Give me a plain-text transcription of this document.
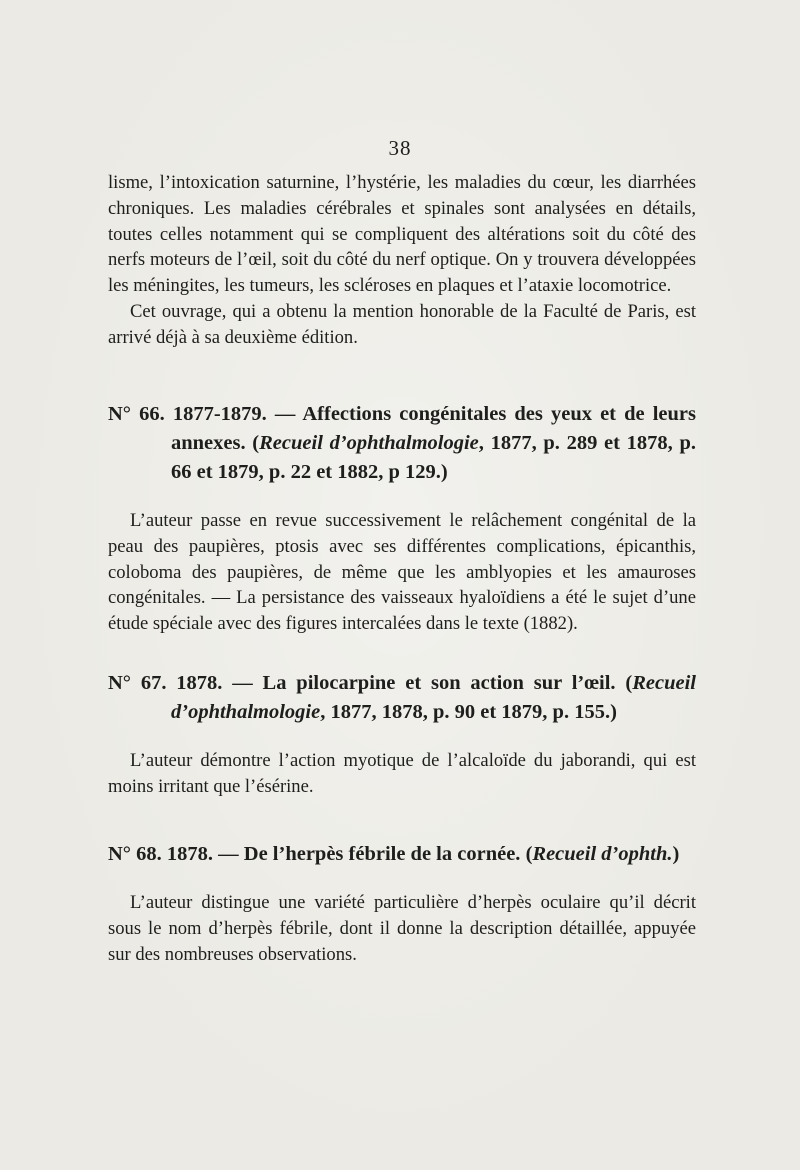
38

lisme, l’intoxication saturnine, l’hystérie, les maladies du cœur, les diarrhées chroniques. Les maladies cérébrales et spinales sont analysées en détails, toutes celles notamment qui se compliquent des altérations soit du côté des nerfs moteurs de l’œil, soit du côté du nerf optique. On y trouvera développées les méningites, les tumeurs, les scléroses en plaques et l’ataxie locomotrice.

Cet ouvrage, qui a obtenu la mention honorable de la Faculté de Paris, est arrivé déjà à sa deuxième édition.

N° 66. 1877-1879. — Affections congénitales des yeux et de leurs annexes. (Recueil d’ophthalmologie, 1877, p. 289 et 1878, p. 66 et 1879, p. 22 et 1882, p 129.)

L’auteur passe en revue successivement le relâchement congénital de la peau des paupières, ptosis avec ses différentes complications, épicanthis, coloboma des paupières, de même que les amblyopies et les amauroses congénitales. — La persistance des vaisseaux hyaloïdiens a été le sujet d’une étude spéciale avec des figures intercalées dans le texte (1882).

N° 67. 1878. — La pilocarpine et son action sur l’œil. (Recueil d’ophthalmologie, 1877, 1878, p. 90 et 1879, p. 155.)

L’auteur démontre l’action myotique de l’alcaloïde du jaborandi, qui est moins irritant que l’ésérine.

N° 68. 1878. — De l’herpès fébrile de la cornée. (Recueil d’ophth.)

L’auteur distingue une variété particulière d’herpès oculaire qu’il décrit sous le nom d’herpès fébrile, dont il donne la description détaillée, appuyée sur des nombreuses observations.
